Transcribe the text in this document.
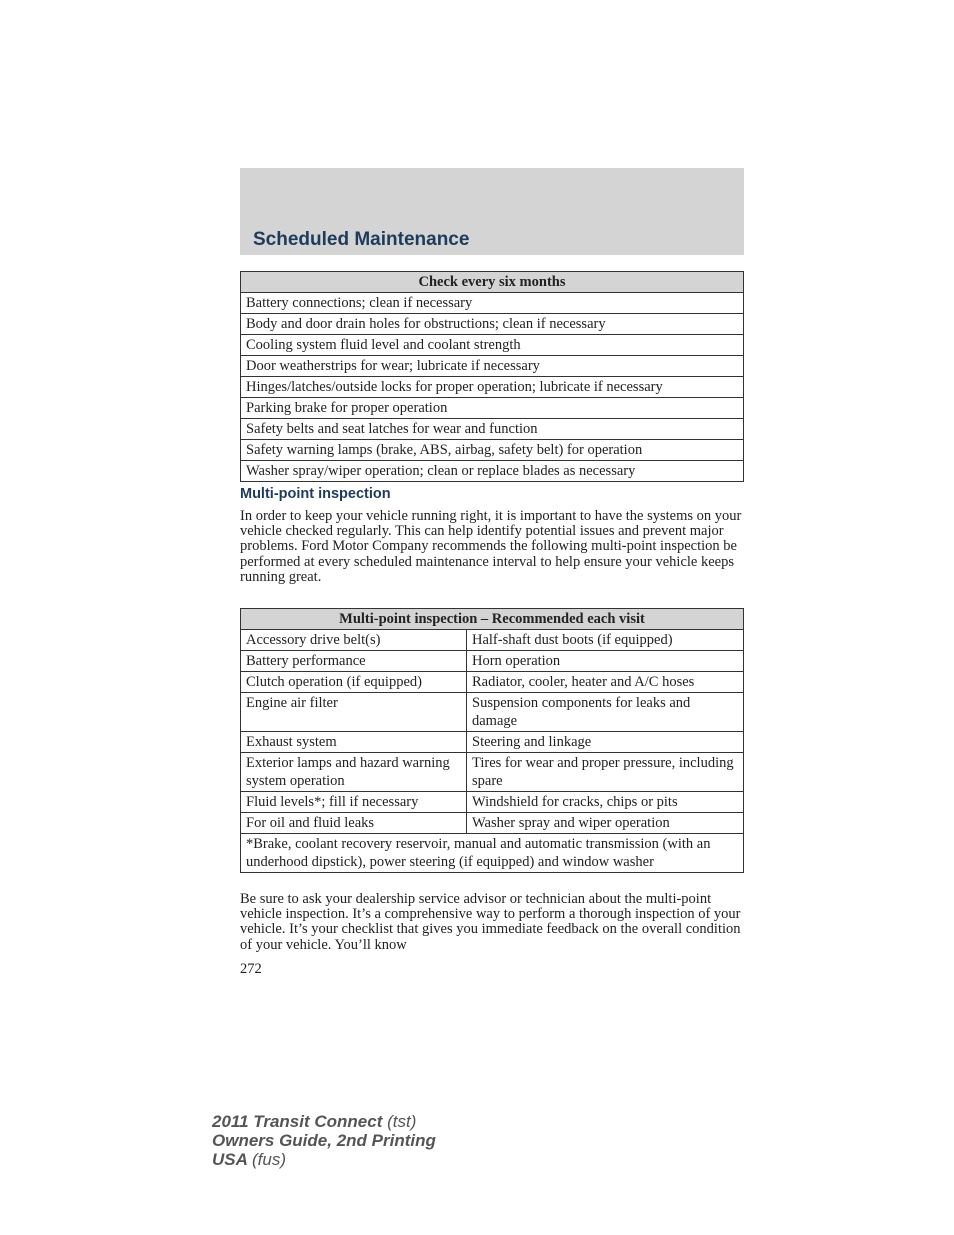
Scheduled Maintenance
Check every six months
Battery connections; clean if necessary
Body and door drain holes for obstructions; clean if necessary
Cooling system fluid level and coolant strength
Door weatherstrips for wear; lubricate if necessary
Hinges/latches/outside locks for proper operation; lubricate if necessary
Parking brake for proper operation
Safety belts and seat latches for wear and function
Safety warning lamps (brake, ABS, airbag, safety belt) for operation
Washer spray/wiper operation; clean or replace blades as necessary
Multi-point inspection

In order to keep your vehicle running right, it is important to have the systems on your vehicle checked regularly. This can help identify potential issues and prevent major problems. Ford Motor Company recommends the following multi-point inspection be performed at every scheduled maintenance interval to help ensure your vehicle keeps running great.

Multi-point inspection – Recommended each visit	
Accessory drive belt(s)	Half-shaft dust boots (if equipped)
Battery performance	Horn operation
Clutch operation (if equipped)	Radiator, cooler, heater and A/C hoses
Engine air filter	Suspension components for leaks and damage
Exhaust system	Steering and linkage
Exterior lamps and hazard warning system operation	Tires for wear and proper pressure, including spare
Fluid levels*; fill if necessary	Windshield for cracks, chips or pits
For oil and fluid leaks	Washer spray and wiper operation
*Brake, coolant recovery reservoir, manual and automatic transmission (with an underhood dipstick), power steering (if equipped) and window washer	

Be sure to ask your dealership service advisor or technician about the multi-point vehicle inspection. It’s a comprehensive way to perform a thorough inspection of your vehicle. It’s your checklist that gives you immediate feedback on the overall condition of your vehicle. You’ll know

272

2011 Transit Connect (tst)
Owners Guide, 2nd Printing
USA (fus)
